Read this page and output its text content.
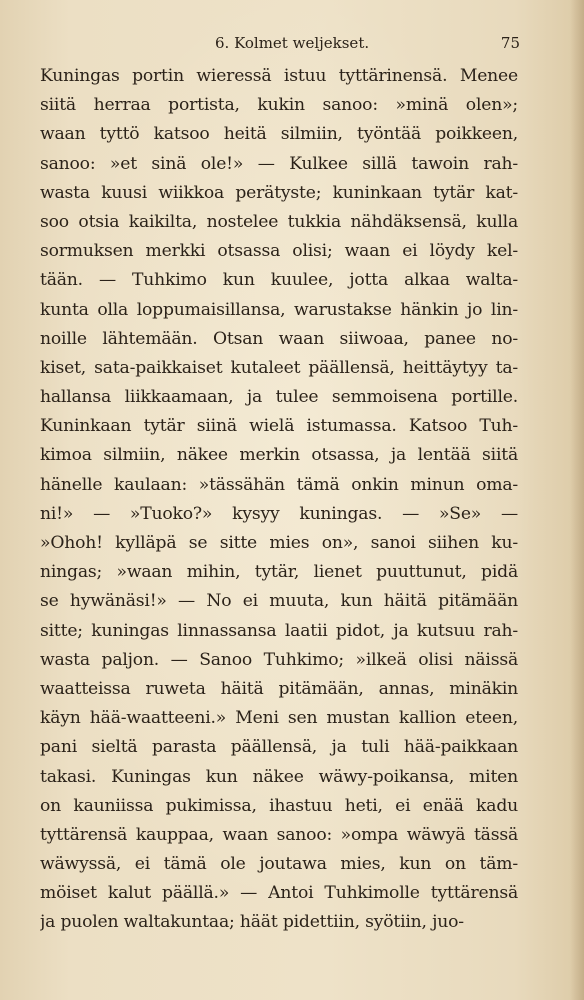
6. Kolmet weljekset.	75
Kuningas portin wieressä istuu tyttärinensä. Menee
siitä herraa portista, kukin sanoo: »minä olen»;
waan tyttö katsoo heitä silmiin, työntää poikkeen,
sanoo: »et sinä ole!» — Kulkee sillä tawoin rah-
wasta kuusi wiikkoa perätyste; kuninkaan tytär kat-
soo otsia kaikilta, nostelee tukkia nähdäksensä, kulla
sormuksen merkki otsassa olisi; waan ei löydy kel-
tään. — Tuhkimo kun kuulee, jotta alkaa walta-
kunta olla loppumaisillansa, warustakse hänkin jo lin-
noille lähtemään. Otsan waan siiwoaa, panee no-
kiset, sata-paikkaiset kutaleet päällensä, heittäytyy ta-
hallansa liikkaamaan, ja tulee semmoisena portille.
Kuninkaan tytär siinä wielä istumassa. Katsoo Tuh-
kimoa silmiin, näkee merkin otsassa, ja lentää siitä
hänelle kaulaan: »tässähän tämä onkin minun oma-
ni!» — »Tuoko?» kysyy kuningas. — »Se» —
»Ohoh! kylläpä se sitte mies on», sanoi siihen ku-
ningas; »waan mihin, tytär, lienet puuttunut, pidä
se hywänäsi!» — No ei muuta, kun häitä pitämään
sitte; kuningas linnassansa laatii pidot, ja kutsuu rah-
wasta paljon. — Sanoo Tuhkimo; »ilkeä olisi näissä
waatteissa ruweta häitä pitämään, annas, minäkin
käyn hää-waatteeni.» Meni sen mustan kallion eteen,
pani sieltä parasta päällensä, ja tuli hää-paikkaan
takasi. Kuningas kun näkee wäwy-poikansa, miten
on kauniissa pukimissa, ihastuu heti, ei enää kadu
tyttärensä kauppaa, waan sanoo: »ompa wäwyä tässä
wäwyssä, ei tämä ole joutawa mies, kun on täm-
möiset kalut päällä.» — Antoi Tuhkimolle tyttärensä
ja puolen waltakuntaa; häät pidettiin, syötiin, juo-
